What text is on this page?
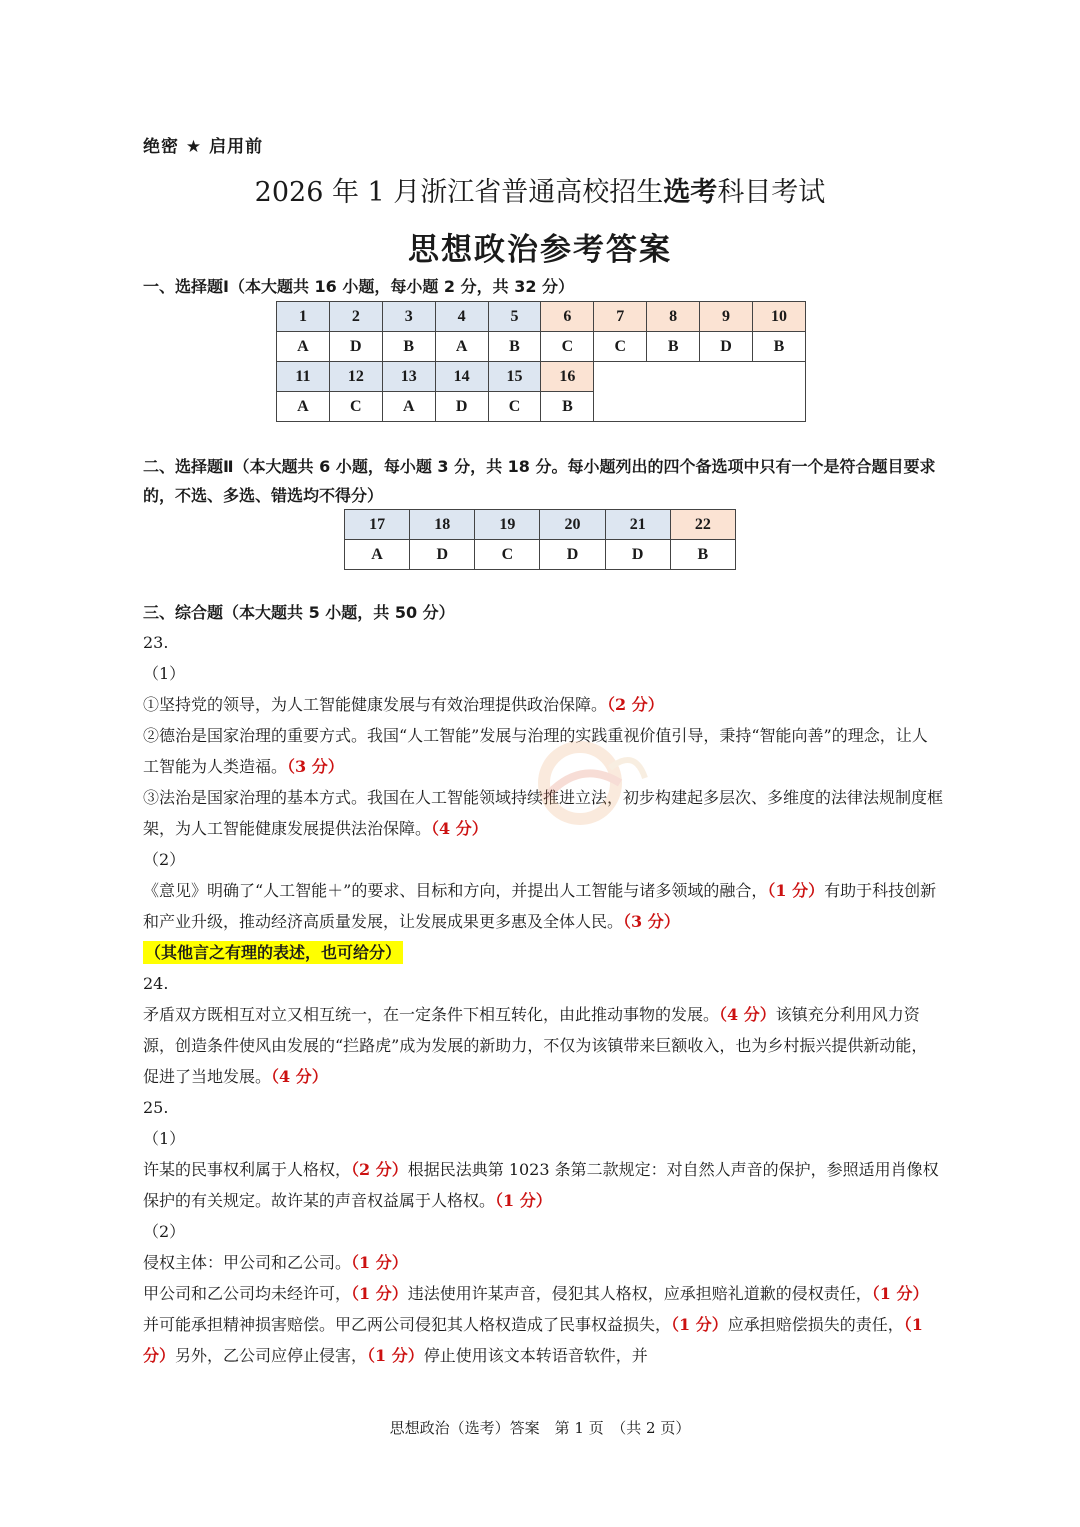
绝密 ★ 启用前
2026 年 1 月浙江省普通高校招生选考科目考试
思想政治参考答案
一、选择题Ⅰ（本大题共 16 小题，每小题 2 分，共 32 分）
1	2	3	4	5	6	7	8	9	10
A	D	B	A	B	C	C	B	D	B
11	12	13	14	15	16				
A	C	A	D	C	B				
二、选择题Ⅱ（本大题共 6 小题，每小题 3 分，共 18 分。每小题列出的四个备选项中只有一个是符合题目要求的，不选、多选、错选均不得分）
17	18	19	20	21	22
A	D	C	D	D	B
三、综合题（本大题共 5 小题，共 50 分）

23.

（1）

①坚持党的领导，为人工智能健康发展与有效治理提供政治保障。（2 分）

②德治是国家治理的重要方式。我国“人工智能”发展与治理的实践重视价值引导，秉持“智能向善”的理念，让人工智能为人类造福。（3 分）

③法治是国家治理的基本方式。我国在人工智能领域持续推进立法，初步构建起多层次、多维度的法律法规制度框架，为人工智能健康发展提供法治保障。（4 分）

（2）

《意见》明确了“人工智能＋”的要求、目标和方向，并提出人工智能与诸多领域的融合，（1 分）有助于科技创新和产业升级，推动经济高质量发展，让发展成果更多惠及全体人民。（3 分）

（其他言之有理的表述，也可给分）

24.

矛盾双方既相互对立又相互统一，在一定条件下相互转化，由此推动事物的发展。（4 分）该镇充分利用风力资源，创造条件使风由发展的“拦路虎”成为发展的新助力，不仅为该镇带来巨额收入，也为乡村振兴提供新动能，促进了当地发展。（4 分）

25.

（1）

许某的民事权利属于人格权，（2 分）根据民法典第 1023 条第二款规定：对自然人声音的保护，参照适用肖像权保护的有关规定。故许某的声音权益属于人格权。（1 分）

（2）

侵权主体：甲公司和乙公司。（1 分）

甲公司和乙公司均未经许可，（1 分）违法使用许某声音，侵犯其人格权，应承担赔礼道歉的侵权责任，（1 分）并可能承担精神损害赔偿。甲乙两公司侵犯其人格权造成了民事权益损失，（1 分）应承担赔偿损失的责任，（1 分）另外，乙公司应停止侵害，（1 分）停止使用该文本转语音软件，并

思想政治（选考）答案　第 1 页　（共 2 页）
